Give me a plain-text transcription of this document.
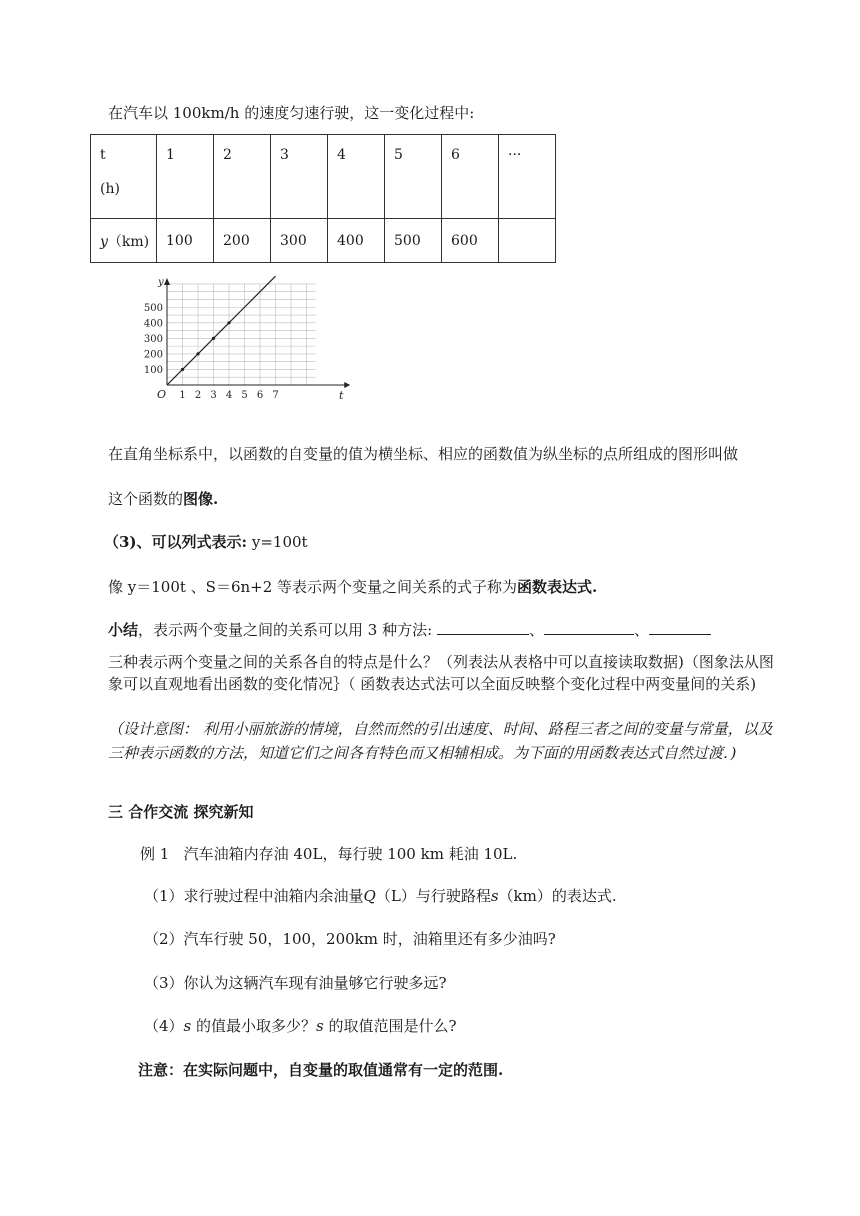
在汽车以 100km/h 的速度匀速行驶，这一变化过程中:
t
(h)	1	2	3	4	5	6	···
y（km)	100	200	300	400	500	600	
1 2 3 4 5 6 7
100
200
300
400
500
O	t
y
在直角坐标系中，以函数的自变量的值为横坐标、相应的函数值为纵坐标的点所组成的图形叫做
这个函数的图像.
（3)、可以列式表示: y=100t
像 y＝100t 、S＝6n+2 等表示两个变量之间关系的式子称为函数表达式.
小结，表示两个变量之间的关系可以用 3 种方法:	、	、
三种表示两个变量之间的关系各自的特点是什么？（列表法从表格中可以直接读取数据)（图象法从图象可以直观地看出函数的变化情况｝（ 函数表达式法可以全面反映整个变化过程中两变量间的关系)
（设计意图： 利用小丽旅游的情境，自然而然的引出速度、时间、路程三者之间的变量与常量，以及三种表示函数的方法，知道它们之间各有特色而又相辅相成。为下面的用函数表达式自然过渡．)
三 合作交流 探究新知
例 1 汽车油箱内存油 40L，每行驶 100 km 耗油 10L.
（1）求行驶过程中油箱内余油量Q（L）与行驶路程s（km）的表达式.
（2）汽车行驶 50，100，200km 时，油箱里还有多少油吗?
（3）你认为这辆汽车现有油量够它行驶多远?
（4）s 的值最小取多少？s 的取值范围是什么?
注意：在实际问题中，自变量的取值通常有一定的范围.
